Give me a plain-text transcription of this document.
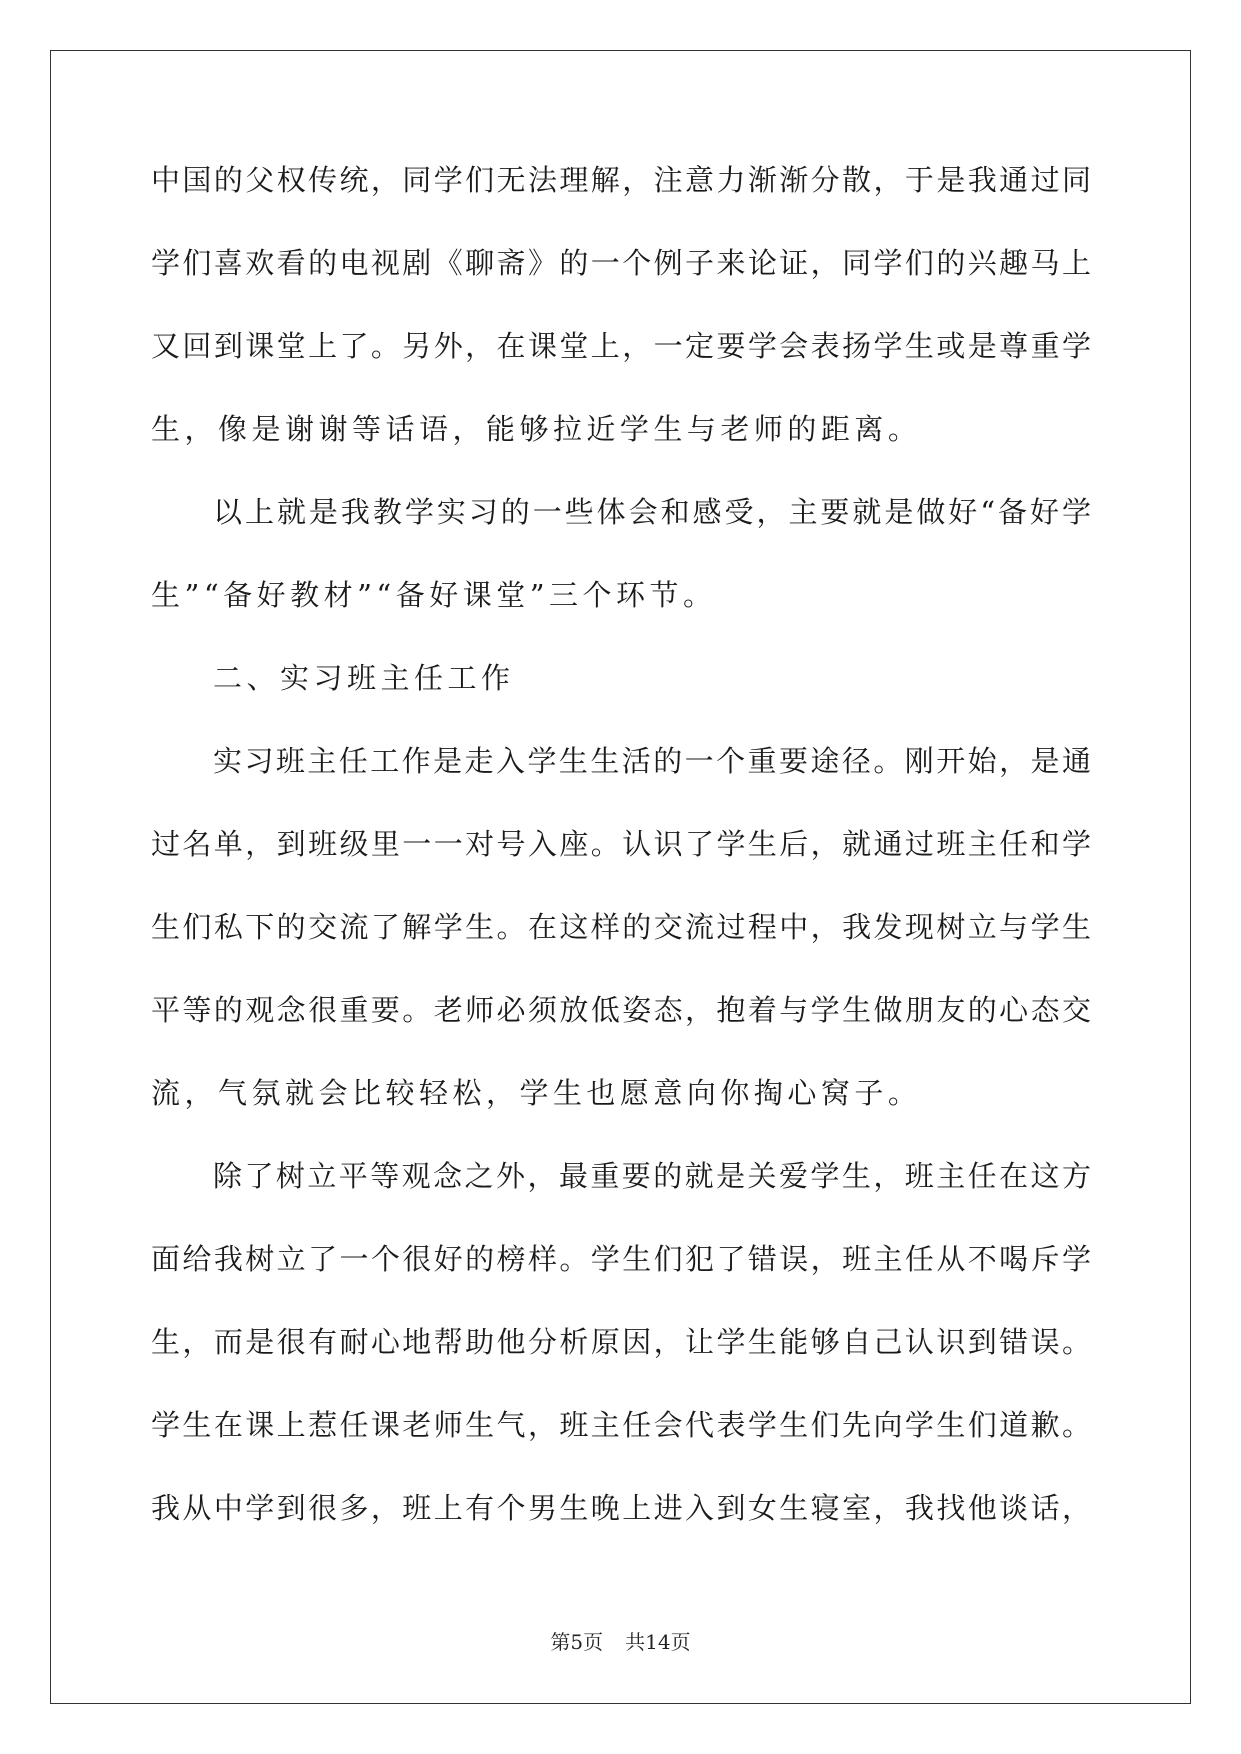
中国的父权传统，同学们无法理解，注意力渐渐分散，于是我通过同
学们喜欢看的电视剧《聊斋》的一个例子来论证，同学们的兴趣马上
又回到课堂上了。另外，在课堂上，一定要学会表扬学生或是尊重学
生，像是谢谢等话语，能够拉近学生与老师的距离。
以上就是我教学实习的一些体会和感受，主要就是做好“备好学
生”“备好教材”“备好课堂”三个环节。
二、实习班主任工作
实习班主任工作是走入学生生活的一个重要途径。刚开始，是通
过名单，到班级里一一对号入座。认识了学生后，就通过班主任和学
生们私下的交流了解学生。在这样的交流过程中，我发现树立与学生
平等的观念很重要。老师必须放低姿态，抱着与学生做朋友的心态交
流，气氛就会比较轻松，学生也愿意向你掏心窝子。
除了树立平等观念之外，最重要的就是关爱学生，班主任在这方
面给我树立了一个很好的榜样。学生们犯了错误，班主任从不喝斥学
生，而是很有耐心地帮助他分析原因，让学生能够自己认识到错误。
学生在课上惹任课老师生气，班主任会代表学生们先向学生们道歉。
我从中学到很多，班上有个男生晚上进入到女生寝室，我找他谈话，
第5页 共14页
